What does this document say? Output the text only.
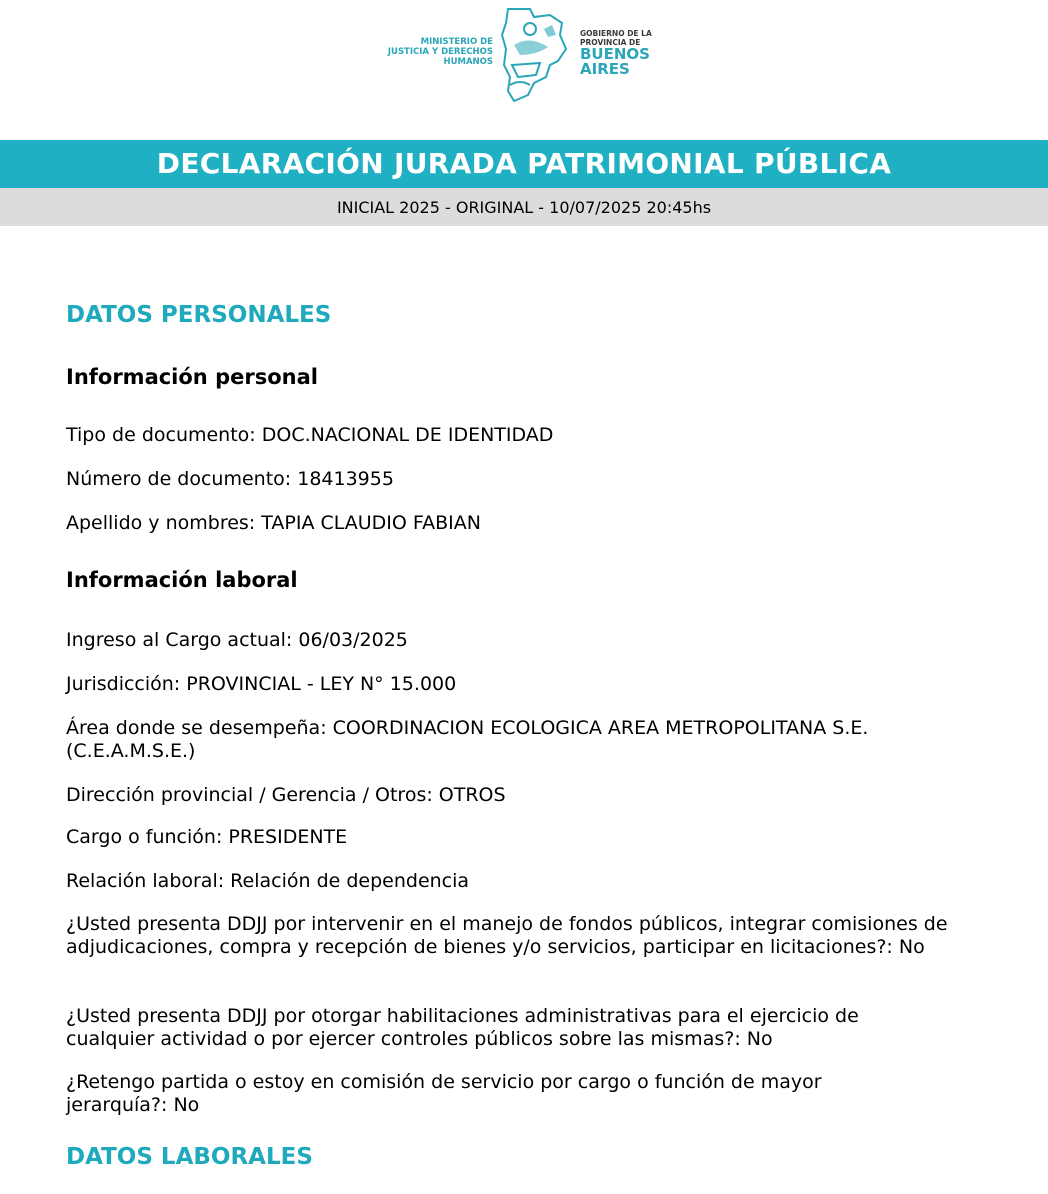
MINISTERIO DE
JUSTICIA Y DERECHOS
HUMANOS
GOBIERNO DE LA
PROVINCIA DE
BUENOS
AIRES
DECLARACIÓN JURADA PATRIMONIAL PÚBLICA
INICIAL 2025 - ORIGINAL - 10/07/2025 20:45hs
DATOS PERSONALES
Información personal

Tipo de documento: DOC.NACIONAL DE IDENTIDAD

Número de documento: 18413955

Apellido y nombres: TAPIA CLAUDIO FABIAN

Información laboral

Ingreso al Cargo actual: 06/03/2025

Jurisdicción: PROVINCIAL - LEY N° 15.000

Área donde se desempeña: COORDINACION ECOLOGICA AREA METROPOLITANA S.E. (C.E.A.M.S.E.)

Dirección provincial / Gerencia / Otros: OTROS

Cargo o función: PRESIDENTE

Relación laboral: Relación de dependencia

¿Usted presenta DDJJ por intervenir en el manejo de fondos públicos, integrar comisiones de adjudicaciones, compra y recepción de bienes y/o servicios, participar en licitaciones?: No

¿Usted presenta DDJJ por otorgar habilitaciones administrativas para el ejercicio de cualquier actividad o por ejercer controles públicos sobre las mismas?: No

¿Retengo partida o estoy en comisión de servicio por cargo o función de mayor jerarquía?: No

DATOS LABORALES
